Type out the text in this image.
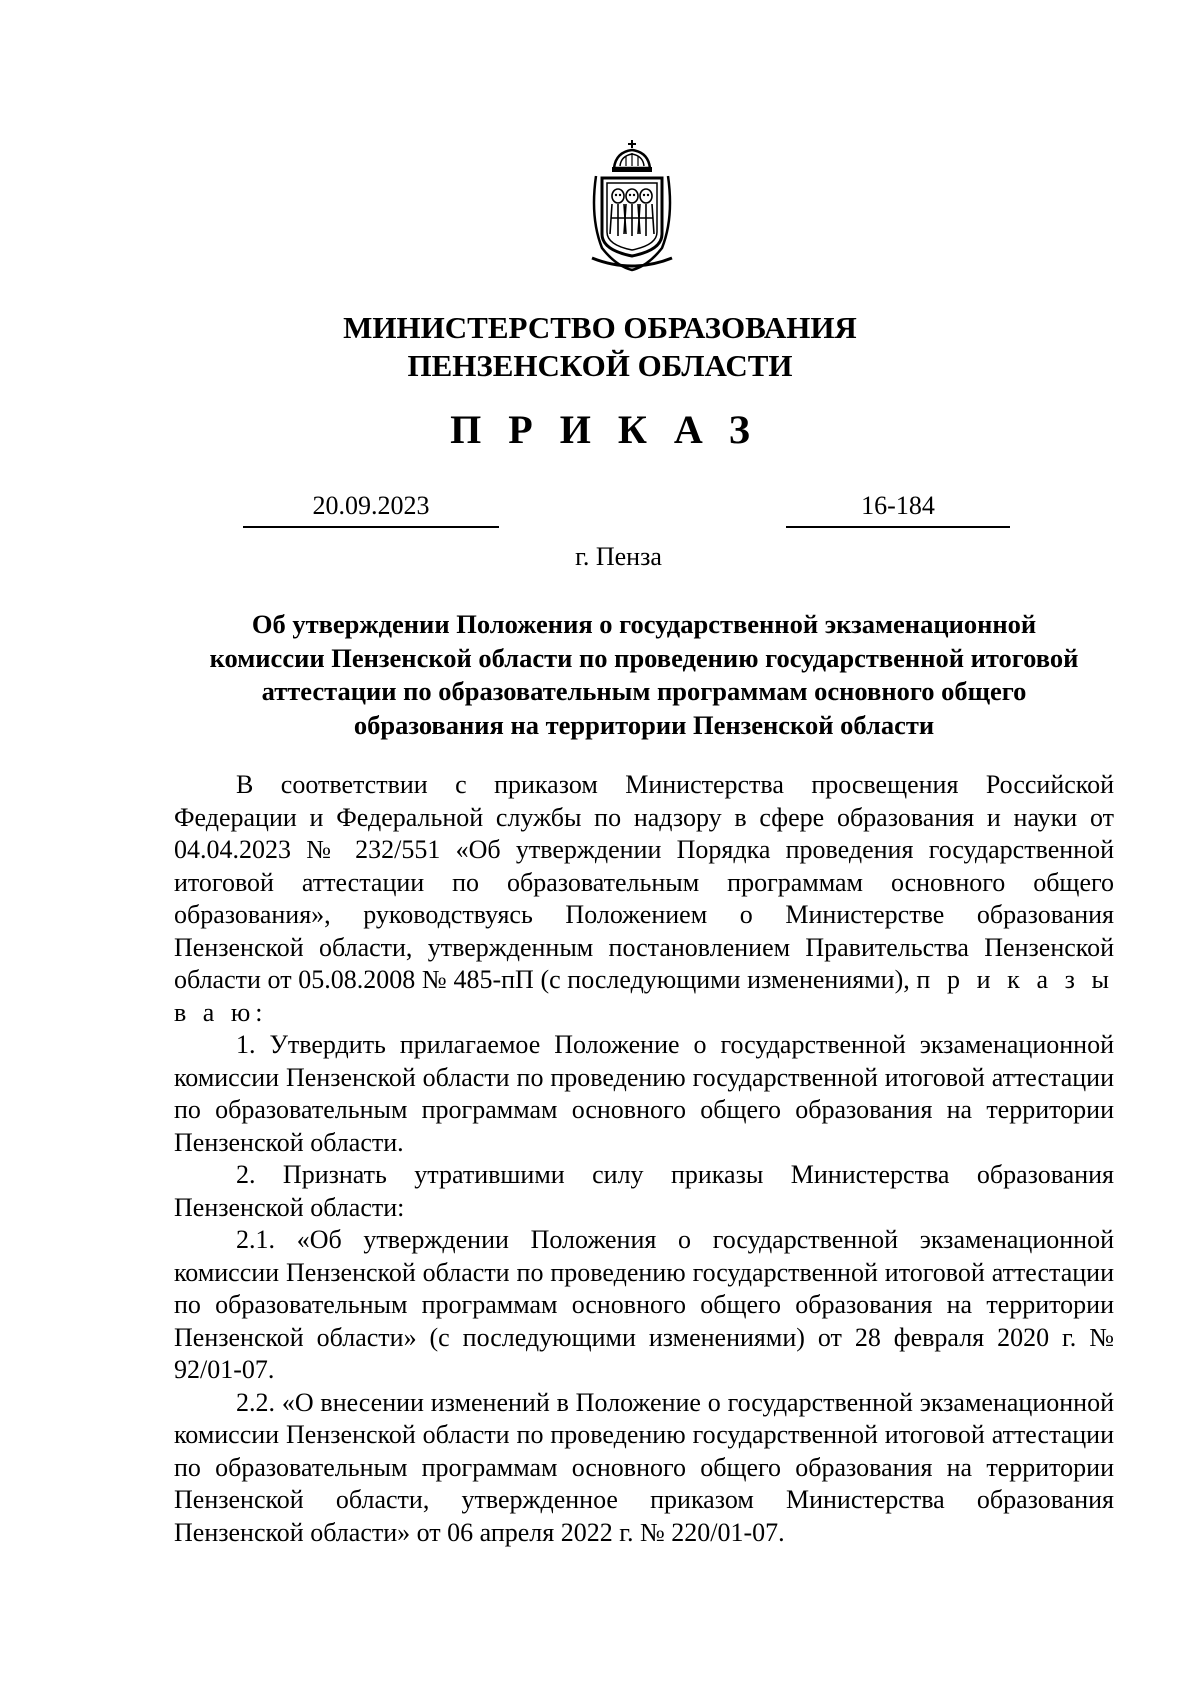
МИНИСТЕРСТВО ОБРАЗОВАНИЯ
ПЕНЗЕНСКОЙ ОБЛАСТИ
ПРИКАЗ
20.09.2023	16-184
г. Пенза
Об утверждении Положения о государственной экзаменационной
комиссии Пензенской области по проведению государственной итоговой
аттестации по образовательным программам основного общего
образования на территории Пензенской области

В соответствии с приказом Министерства просвещения Российской Федерации и Федеральной службы по надзору в сфере образования и науки от 04.04.2023 № 232/551 «Об утверждении Порядка проведения государственной итоговой аттестации по образовательным программам основного общего образования», руководствуясь Положением о Министерстве образования Пензенской области, утвержденным постановлением Правительства Пензенской области от 05.08.2008 № 485-пП (с последующими изменениями), п р и к а з ы в а ю:

1. Утвердить прилагаемое Положение о государственной экзаменационной комиссии Пензенской области по проведению государственной итоговой аттестации по образовательным программам основного общего образования на территории Пензенской области.

2. Признать утратившими силу приказы Министерства образования Пензенской области:

2.1. «Об утверждении Положения о государственной экзаменационной комиссии Пензенской области по проведению государственной итоговой аттестации по образовательным программам основного общего образования на территории Пензенской области» (с последующими изменениями) от 28 февраля 2020 г. № 92/01-07.

2.2. «О внесении изменений в Положение о государственной экзаменационной комиссии Пензенской области по проведению государственной итоговой аттестации по образовательным программам основного общего образования на территории Пензенской области, утвержденное приказом Министерства образования Пензенской области» от 06 апреля 2022 г. № 220/01-07.
